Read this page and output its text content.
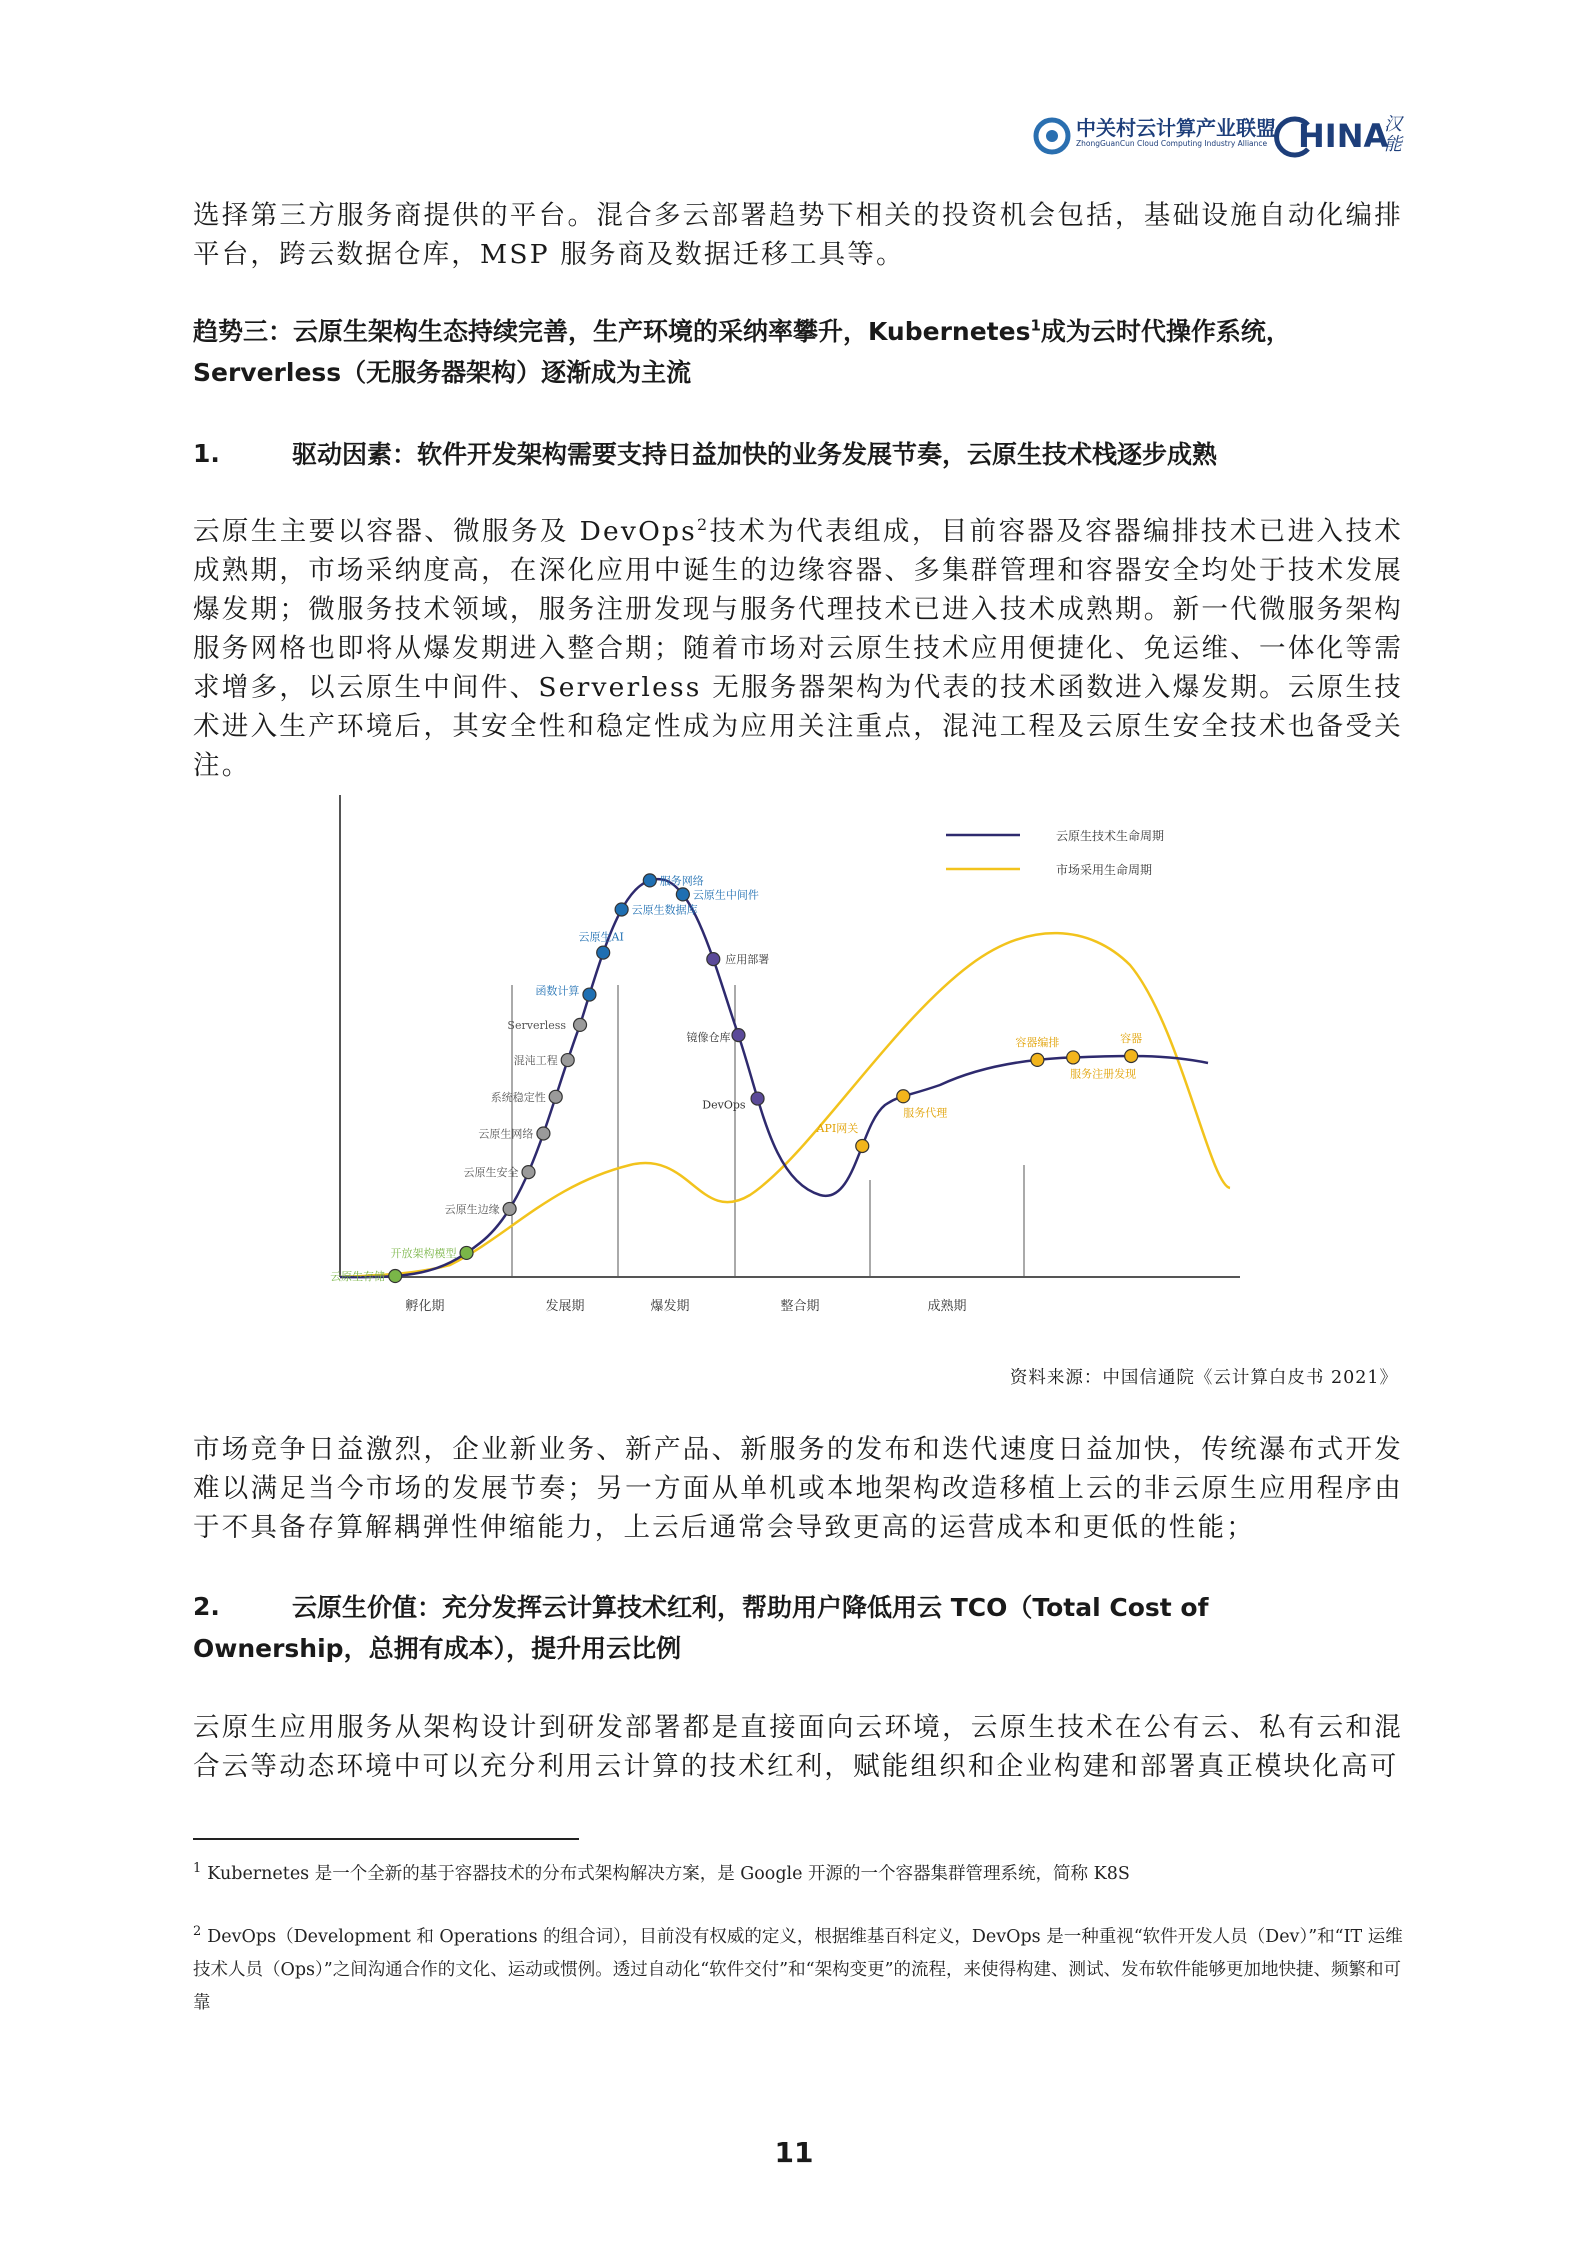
中关村云计算产业联盟
ZhongGuanCun Cloud Computing Industry Alliance HINA
汉能

选择第三方服务商提供的平台。混合多云部署趋势下相关的投资机会包括，基础设施自动化编排平台，跨云数据仓库，MSP 服务商及数据迁移工具等。

趋势三：云原生架构生态持续完善，生产环境的采纳率攀升，Kubernetes$^1$成为云时代操作系统，
Serverless（无服务器架构）逐渐成为主流
1.	驱动因素：软件开发架构需要支持日益加快的业务发展节奏，云原生技术栈逐步成熟

云原生主要以容器、微服务及 DevOps$^2$技术为代表组成，目前容器及容器编排技术已进入技术成熟期，市场采纳度高，在深化应用中诞生的边缘容器、多集群管理和容器安全均处于技术发展爆发期；微服务技术领域，服务注册发现与服务代理技术已进入技术成熟期。新一代微服务架构服务网格也即将从爆发期进入整合期；随着市场对云原生技术应用便捷化、免运维、一体化等需求增多，以云原生中间件、Serverless 无服务器架构为代表的技术函数进入爆发期。云原生技术进入生产环境后，其安全性和稳定性成为应用关注重点，混沌工程及云原生安全技术也备受关注。

云原生技术生命周期
市场采用生命周期
孵化期	发展期	爆发期	整合期	成熟期
云原生存储
开放架构模型
云原生边缘
云原生安全
云原生网络
系统稳定性
混沌工程
Serverless
函数计算
云原生AI
云原生数据库
服务网络
云原生中间件
应用部署
镜像仓库
DevOps
API网关
服务代理
容器编排
服务注册发现
容器
资料来源：中国信通院《云计算白皮书 2021》

市场竞争日益激烈，企业新业务、新产品、新服务的发布和迭代速度日益加快，传统瀑布式开发难以满足当今市场的发展节奏；另一方面从单机或本地架构改造移植上云的非云原生应用程序由于不具备存算解耦弹性伸缩能力，上云后通常会导致更高的运营成本和更低的性能；

2.	云原生价值：充分发挥云计算技术红利，帮助用户降低用云 TCO（Total Cost of
Ownership，总拥有成本），提升用云比例

云原生应用服务从架构设计到研发部署都是直接面向云环境，云原生技术在公有云、私有云和混合云等动态环境中可以充分利用云计算的技术红利，赋能组织和企业构建和部署真正模块化高可

$^1$ Kubernetes 是一个全新的基于容器技术的分布式架构解决方案，是 Google 开源的一个容器集群管理系统，简称 K8S

$^2$ DevOps（Development 和 Operations 的组合词），目前没有权威的定义，根据维基百科定义，DevOps 是一种重视“软件开发人员（Dev）”和“IT 运维技术人员（Ops）”之间沟通合作的文化、运动或惯例。透过自动化“软件交付”和“架构变更”的流程，来使得构建、测试、发布软件能够更加地快捷、频繁和可靠

11
